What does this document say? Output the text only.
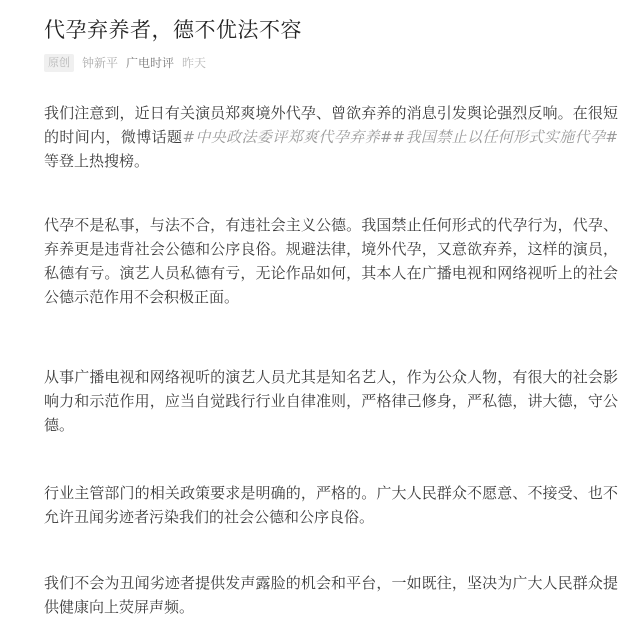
代孕弃养者，德不优法不容
原创	钟新平 广电时评 昨天

我们注意到，近日有关演员郑爽境外代孕、曾欲弃养的消息引发舆论强烈反响。在很短的时间内，微博话题#中央政法委评郑爽代孕弃养##我国禁止以任何形式实施代孕#等登上热搜榜。

代孕不是私事，与法不合，有违社会主义公德。我国禁止任何形式的代孕行为，代孕、弃养更是违背社会公德和公序良俗。规避法律，境外代孕，又意欲弃养，这样的演员，私德有亏。演艺人员私德有亏，无论作品如何，其本人在广播电视和网络视听上的社会公德示范作用不会积极正面。

从事广播电视和网络视听的演艺人员尤其是知名艺人，作为公众人物，有很大的社会影响力和示范作用，应当自觉践行行业自律准则，严格律己修身，严私德，讲大德，守公德。

行业主管部门的相关政策要求是明确的，严格的。广大人民群众不愿意、不接受、也不允许丑闻劣迹者污染我们的社会公德和公序良俗。

我们不会为丑闻劣迹者提供发声露脸的机会和平台，一如既往，坚决为广大人民群众提供健康向上荧屏声频。
